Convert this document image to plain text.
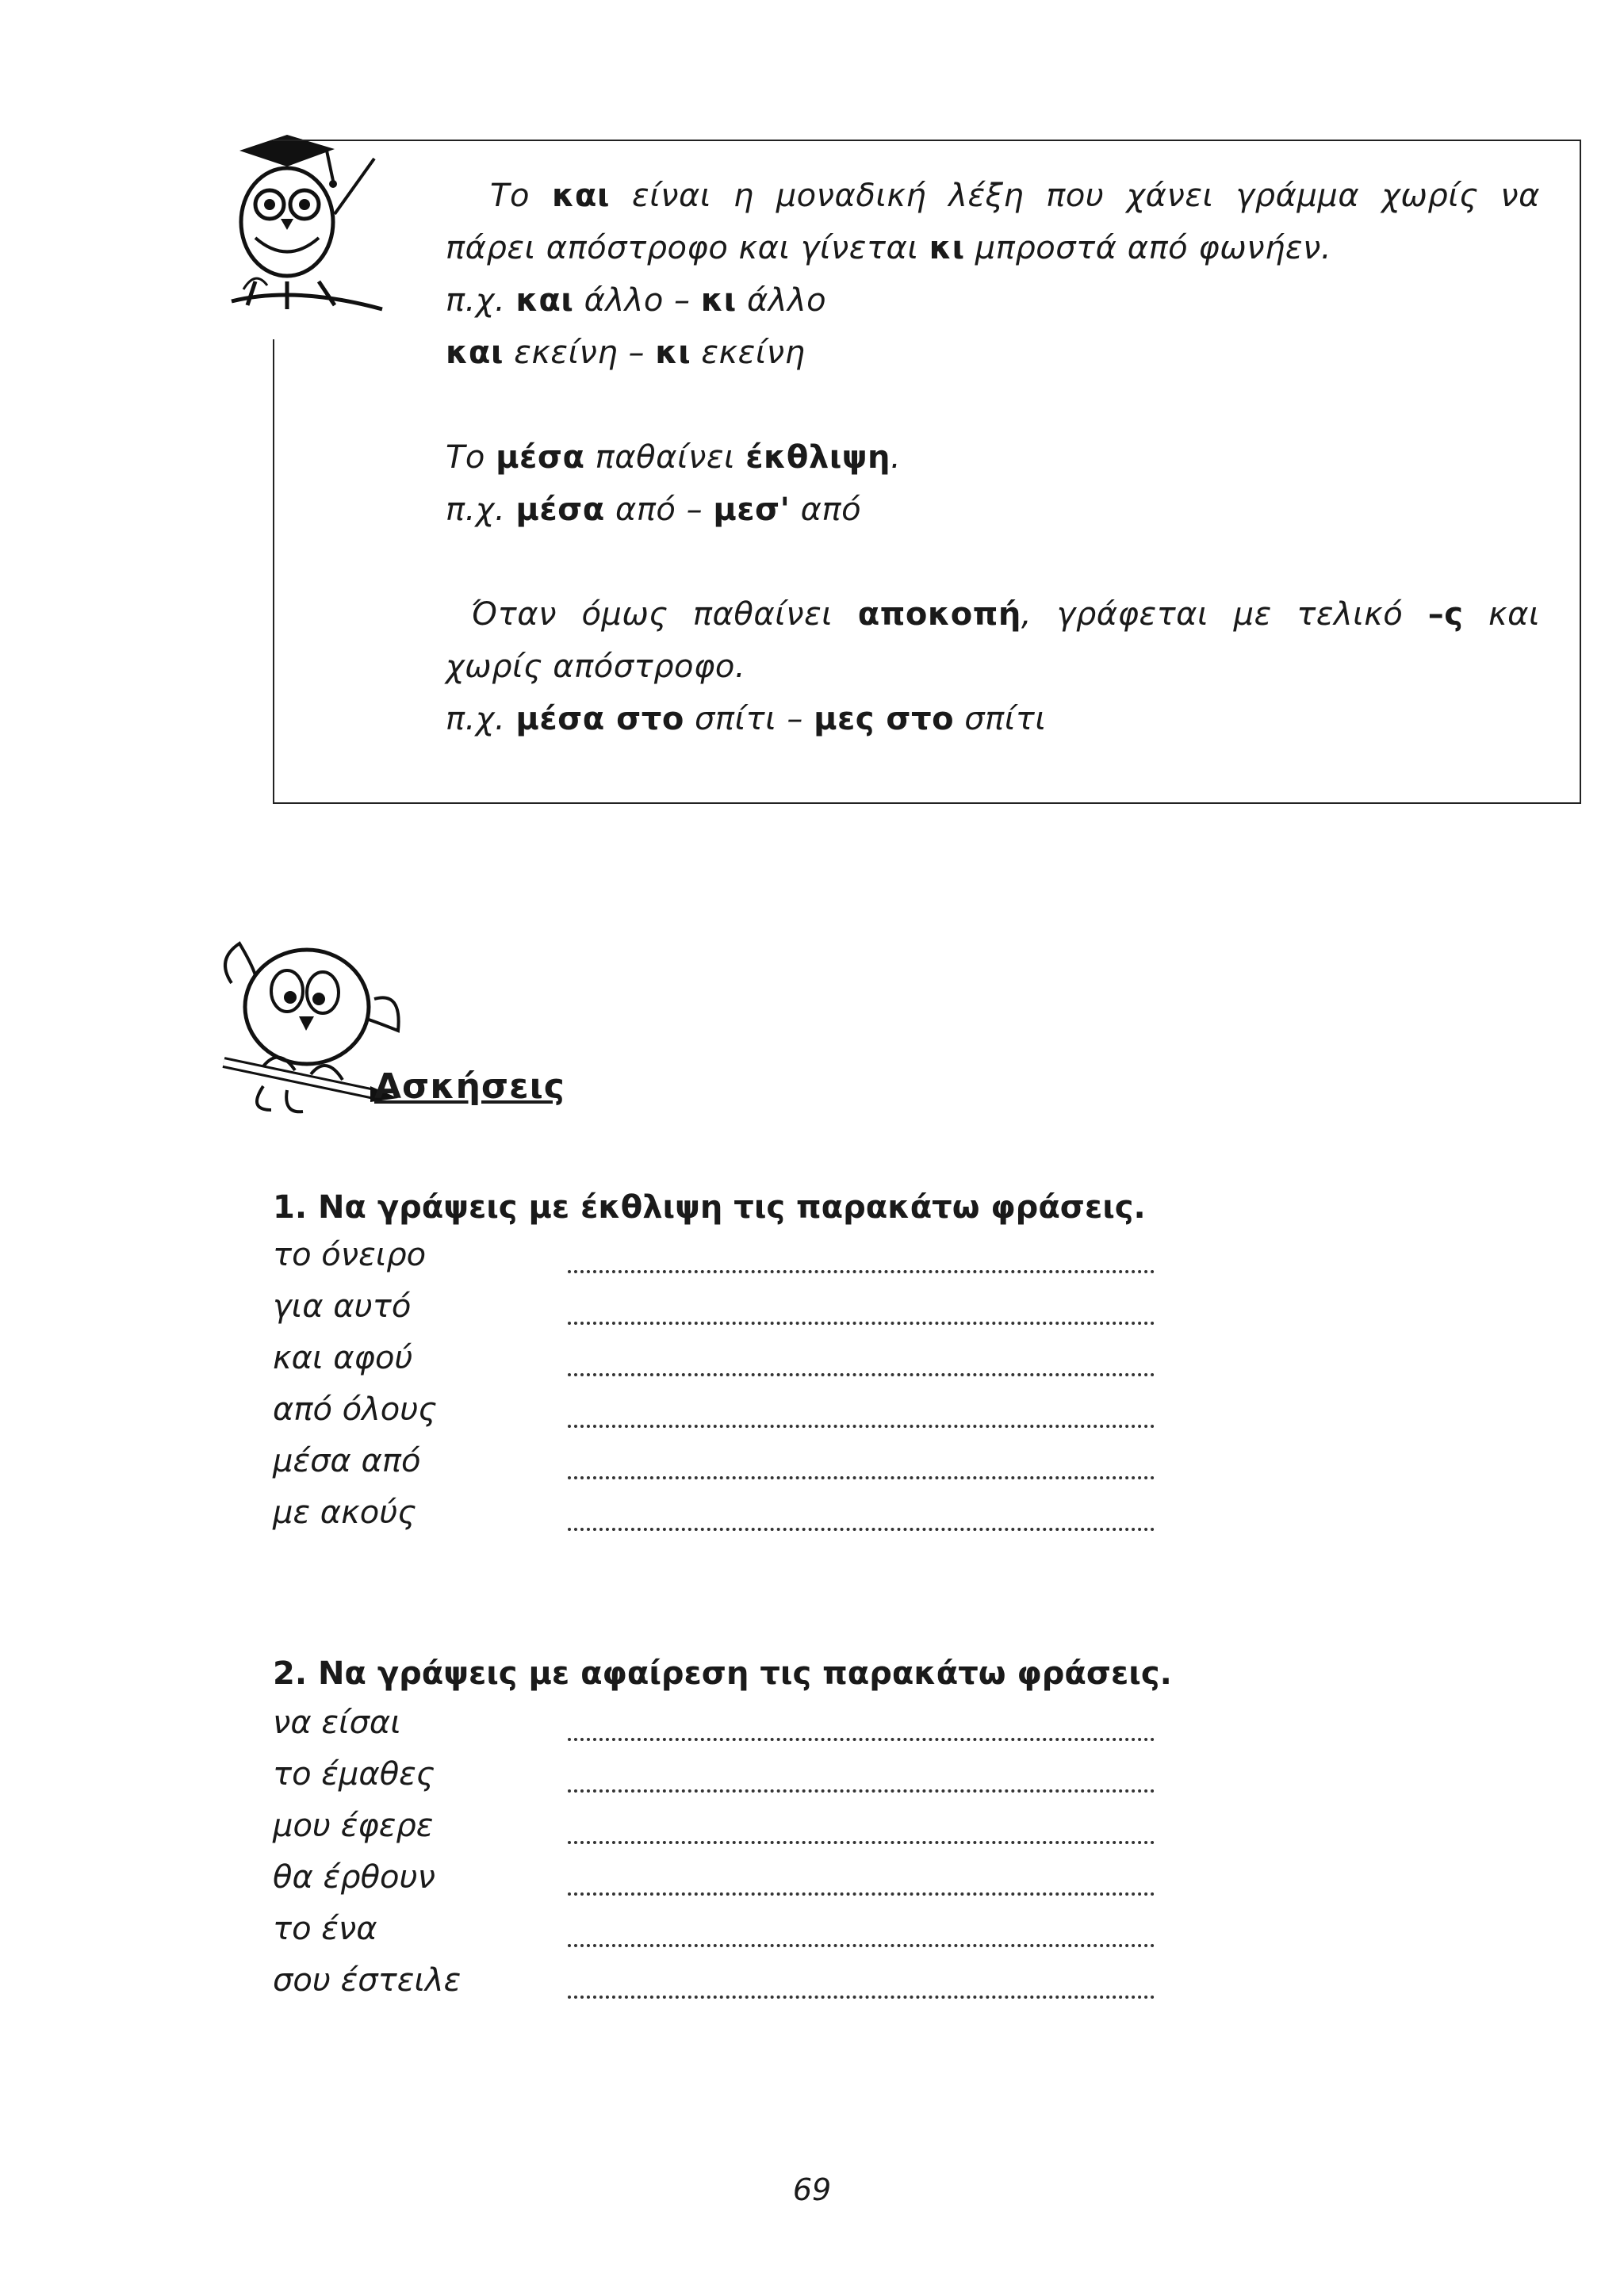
Το και είναι η μοναδική λέξη που χάνει γράμμα χωρίς να
πάρει απόστροφο και γίνεται κι μπροστά από φωνήεν.
π.χ. και άλλο – κι άλλο
και εκείνη – κι εκείνη
Το μέσα παθαίνει έκθλιψη.
π.χ. μέσα από – μεσ' από
Όταν όμως παθαίνει αποκοπή, γράφεται με τελικό –ς και
χωρίς απόστροφο.
π.χ. μέσα στο σπίτι – μες στο σπίτι
Ασκήσεις
1. Να γράψεις με έκθλιψη τις παρακάτω φράσεις.
το όνειρο
για αυτό
και αφού
από όλους
μέσα από
με ακούς
2. Να γράψεις με αφαίρεση τις παρακάτω φράσεις.
να είσαι
το έμαθες
μου έφερε
θα έρθουν
το ένα
σου έστειλε
69
